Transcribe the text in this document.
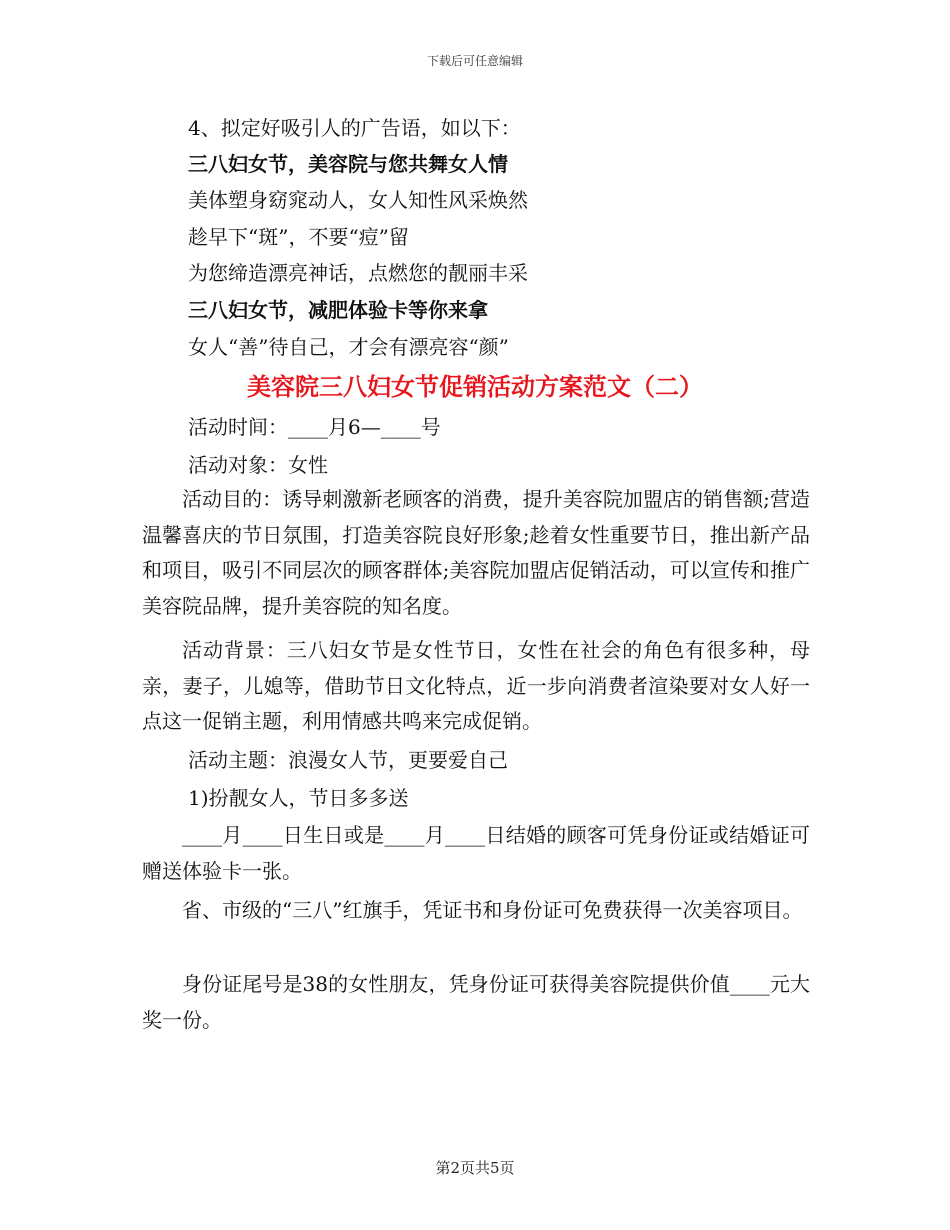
下载后可任意编辑
4、拟定好吸引人的广告语，如以下：
三八妇女节，美容院与您共舞女人情
美体塑身窈窕动人，女人知性风采焕然
趁早下“斑”，不要“痘”留
为您缔造漂亮神话，点燃您的靓丽丰采
三八妇女节，减肥体验卡等你来拿
女人“善”待自己，才会有漂亮容“颜”
美容院三八妇女节促销活动方案范文（二）
活动时间：____月6—____号
活动对象：女性
活动目的：诱导刺激新老顾客的消费，提升美容院加盟店的销售额;营造温馨喜庆的节日氛围，打造美容院良好形象;趁着女性重要节日，推出新产品和项目，吸引不同层次的顾客群体;美容院加盟店促销活动，可以宣传和推广美容院品牌，提升美容院的知名度。
活动背景：三八妇女节是女性节日，女性在社会的角色有很多种，母亲，妻子，儿媳等，借助节日文化特点，近一步向消费者渲染要对女人好一点这一促销主题，利用情感共鸣来完成促销。
活动主题：浪漫女人节，更要爱自己
1)扮靓女人，节日多多送
____月____日生日或是____月____日结婚的顾客可凭身份证或结婚证可赠送体验卡一张。
省、市级的“三八”红旗手，凭证书和身份证可免费获得一次美容项目。
身份证尾号是38的女性朋友，凭身份证可获得美容院提供价值____元大奖一份。
第2页共5页
